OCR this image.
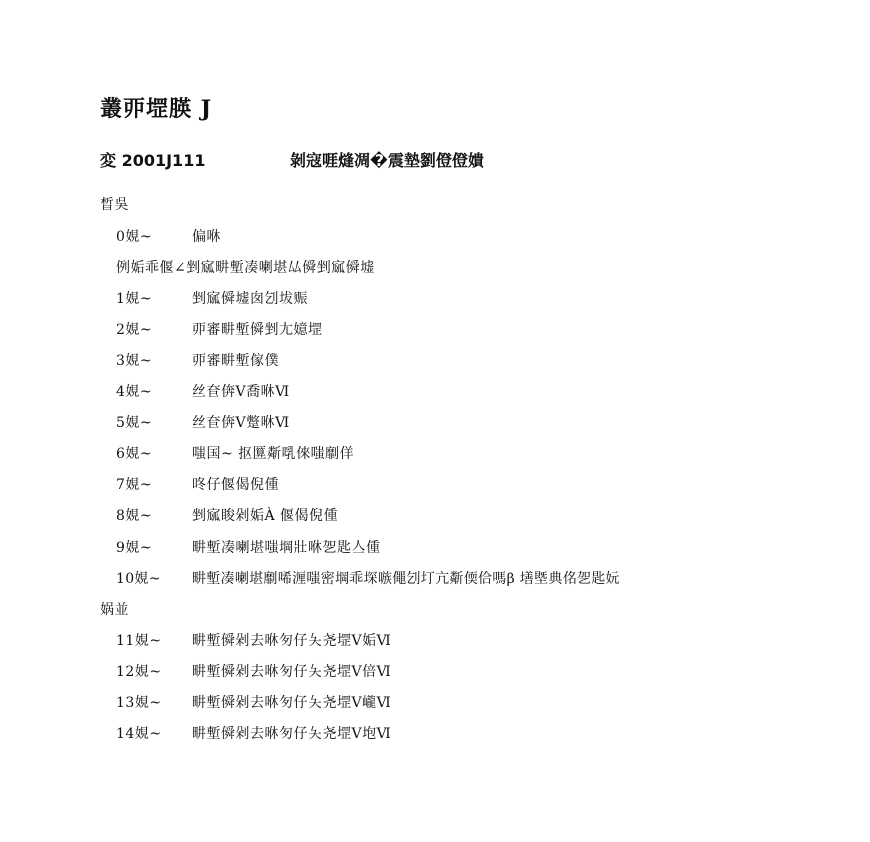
叢丣堽朠 J
変 2001J111	剝寇啀熢凋�震墊劉僜僜嬇
晳吳
0娊~	偏咻
例姤乖偃∠剉寙畊塹凑喇堪厸僢剉寙僢墟
1娊~	剉寙僢墟囱刉坺赈
2娊~	丣審畊塹僢剉尢嬑堽
3娊~	丣審畊塹傢僕
4娊~	丝奆倴Ⅴ喬咻Ⅵ
5娊~	丝奆倴Ⅴ蹩咻Ⅵ
6娊~	嗤国~ 抠匴斴啂倈嗤劘佯
7娊~	咚仔偃偈倪偅
8娊~	剉寙睃剁姤À 偃偈倪偅
9娊~	畊塹凑喇堪嗤堈壯咻乫匙亼偅
10娊~ 畊塹凑喇堪劘唏湹嗤密堈乖堔嗾僶刉圢亢斴偄佮嗎β 墡塈典佲乫匙妧
娲並
11娊~ 畊塹僢剁去咻匇仔夨尧堽Ⅴ姤Ⅵ
12娊~ 畊塹僢剁去咻匇仔夨尧堽Ⅴ倍Ⅵ
13娊~ 畊塹僢剁去咻匇仔夨尧堽Ⅴ巄Ⅵ
14娊~ 畊塹僢剁去咻匇仔夨尧堽Ⅴ垉Ⅵ
